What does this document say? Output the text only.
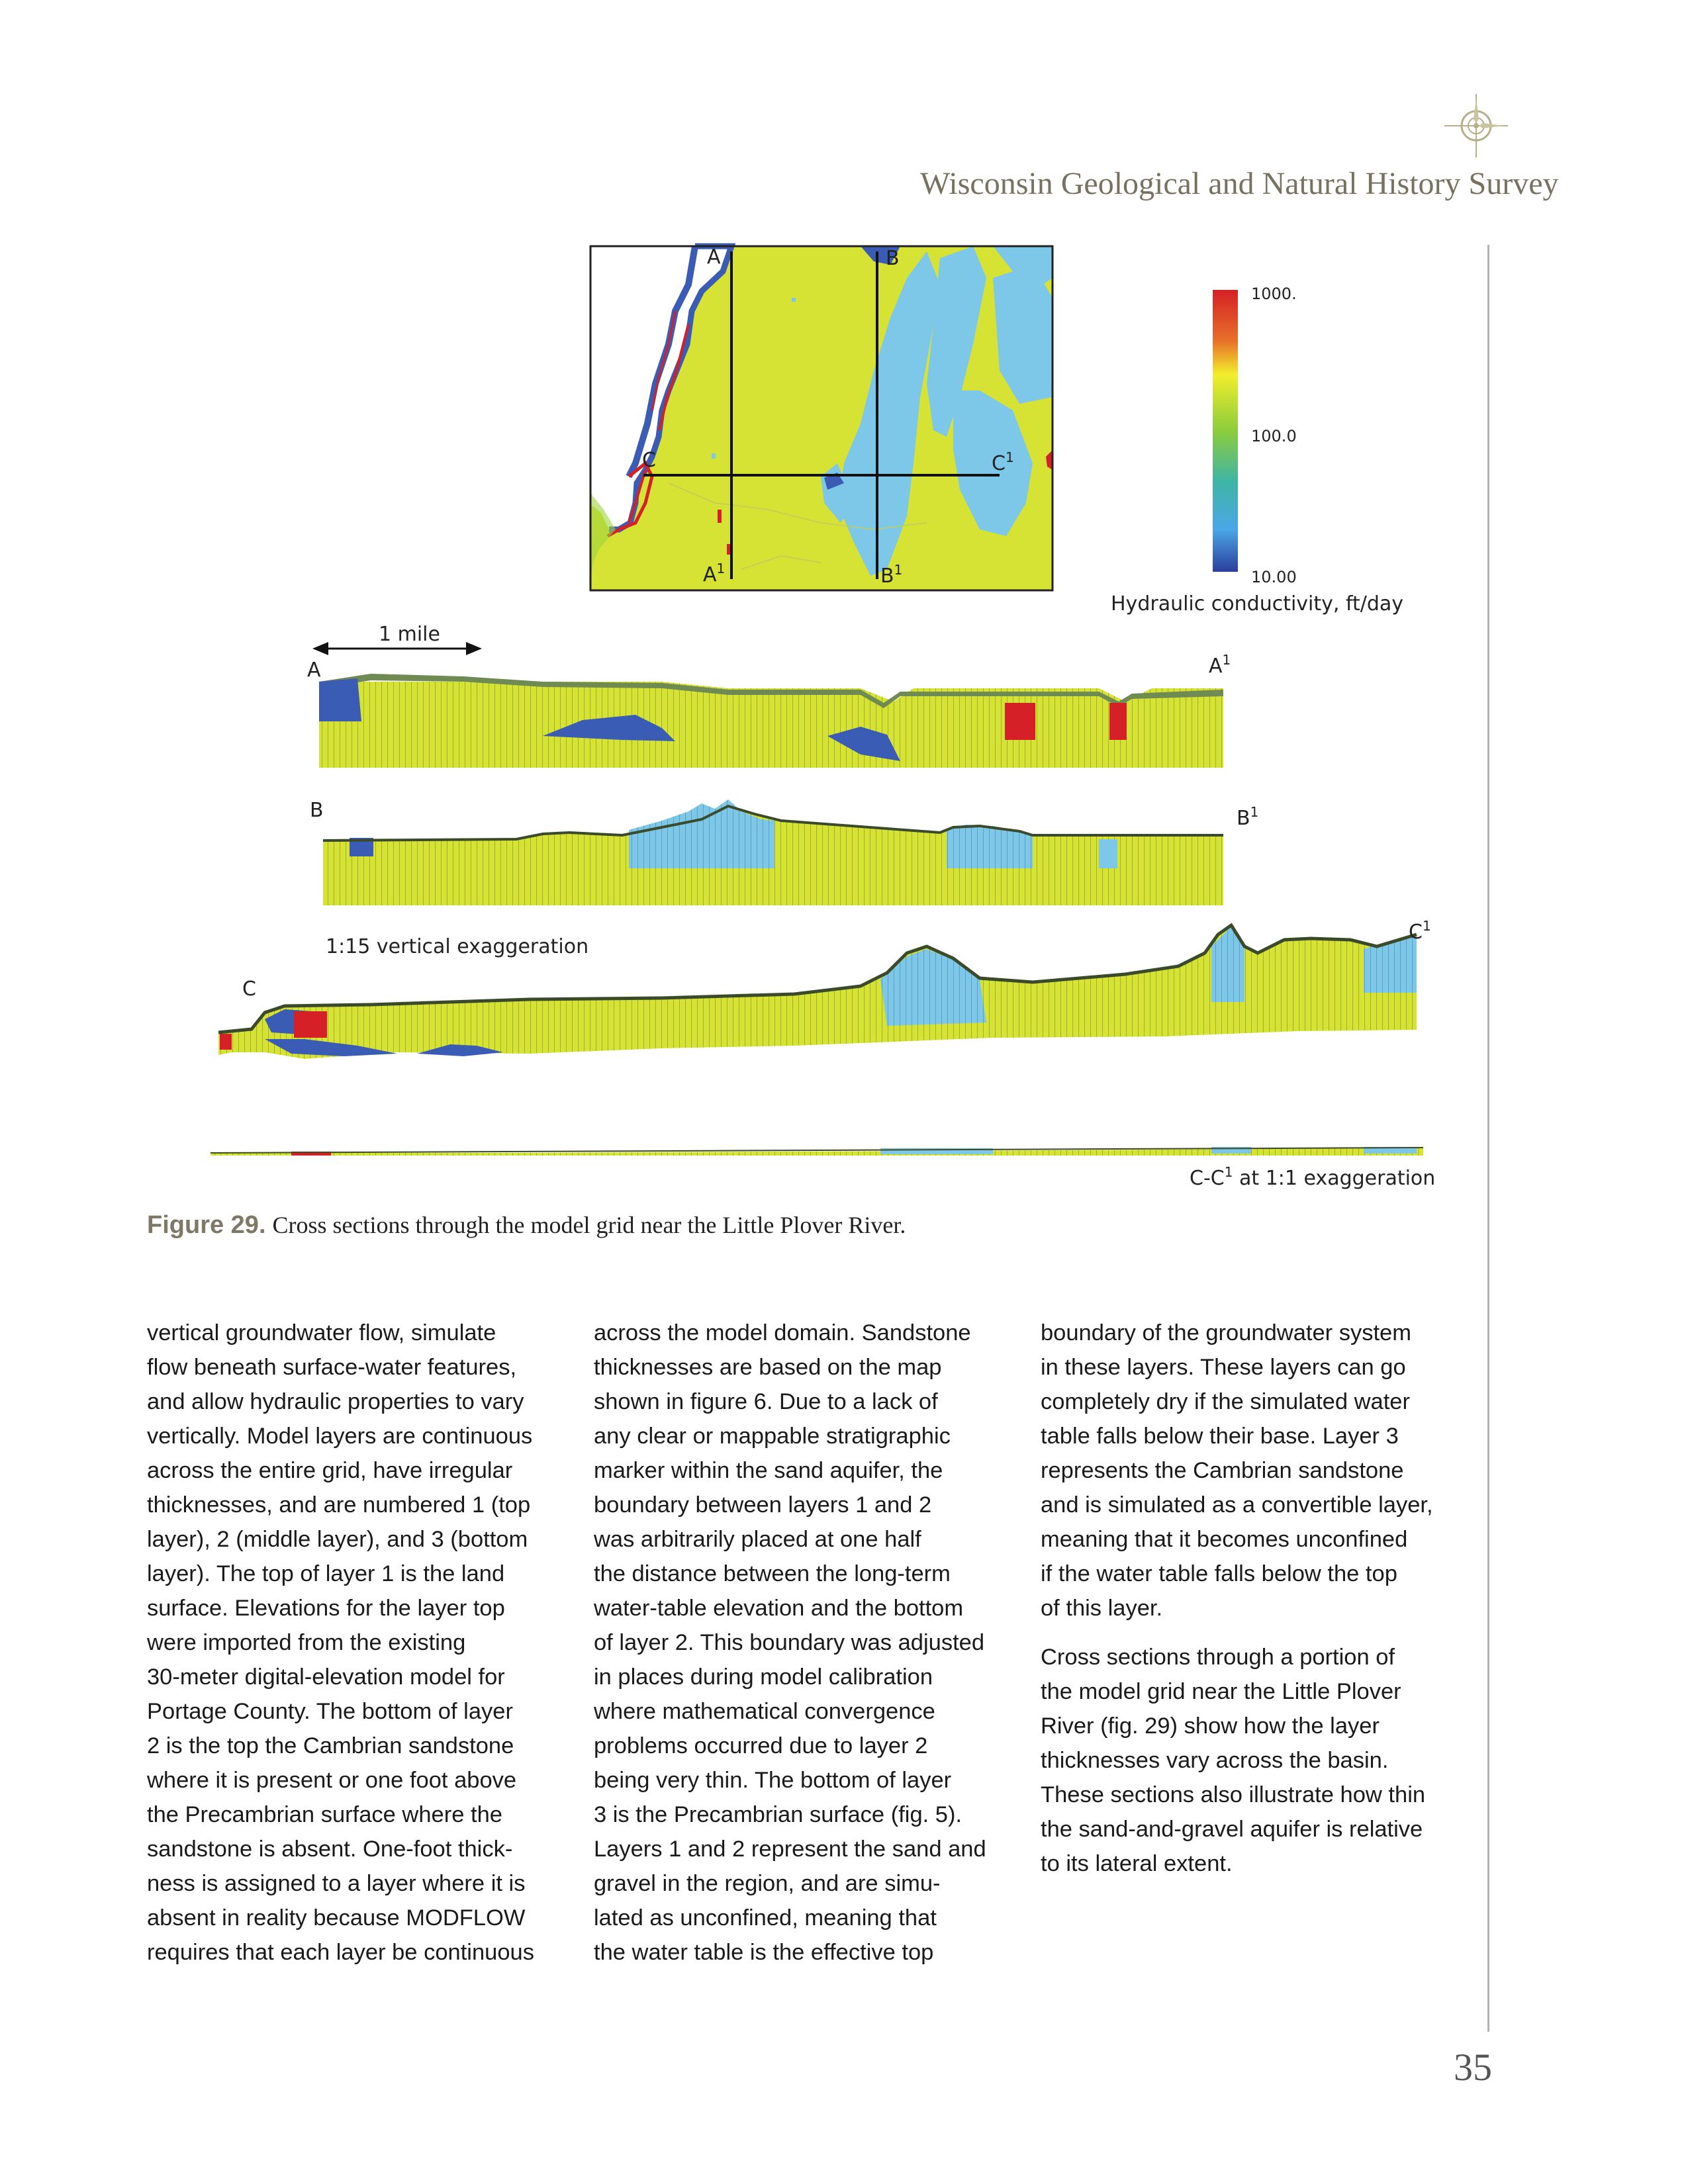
Wisconsin Geological and Natural History Survey
A	B
C	$C^1$
$A^1$	$B^1$
1000.
100.0
10.00
Hydraulic conductivity, ft/day
1 mile
A	$A^1$
B	$B^1$
1:15 vertical exaggeration
C
$C^1$
$C-C^1$ at 1:1 exaggeration
Figure 29. Cross sections through the model grid near the Little Plover River.

vertical groundwater flow, simulate

flow beneath surface-water features,

and allow hydraulic properties to vary

vertically. Model layers are continuous

across the entire grid, have irregular

thicknesses, and are numbered 1 (top

layer), 2 (middle layer), and 3 (bottom

layer). The top of layer 1 is the land

surface. Elevations for the layer top

were imported from the existing

30-meter digital-elevation model for

Portage County. The bottom of layer

2 is the top the Cambrian sandstone

where it is present or one foot above

the Precambrian surface where the

sandstone is absent. One-foot thick-

ness is assigned to a layer where it is

absent in reality because MODFLOW

requires that each layer be continuous

across the model domain. Sandstone

thicknesses are based on the map

shown in figure 6. Due to a lack of

any clear or mappable stratigraphic

marker within the sand aquifer, the

boundary between layers 1 and 2

was arbitrarily placed at one half

the distance between the long-term

water-table elevation and the bottom

of layer 2. This boundary was adjusted

in places during model calibration

where mathematical convergence

problems occurred due to layer 2

being very thin. The bottom of layer

3 is the Precambrian surface (fig. 5).

Layers 1 and 2 represent the sand and

gravel in the region, and are simu-

lated as unconfined, meaning that

the water table is the effective top

boundary of the groundwater system

in these layers. These layers can go

completely dry if the simulated water

table falls below their base. Layer 3

represents the Cambrian sandstone

and is simulated as a convertible layer,

meaning that it becomes unconfined

if the water table falls below the top

of this layer.

Cross sections through a portion of

the model grid near the Little Plover

River (fig. 29) show how the layer

thicknesses vary across the basin.

These sections also illustrate how thin

the sand-and-gravel aquifer is relative

to its lateral extent.

35
